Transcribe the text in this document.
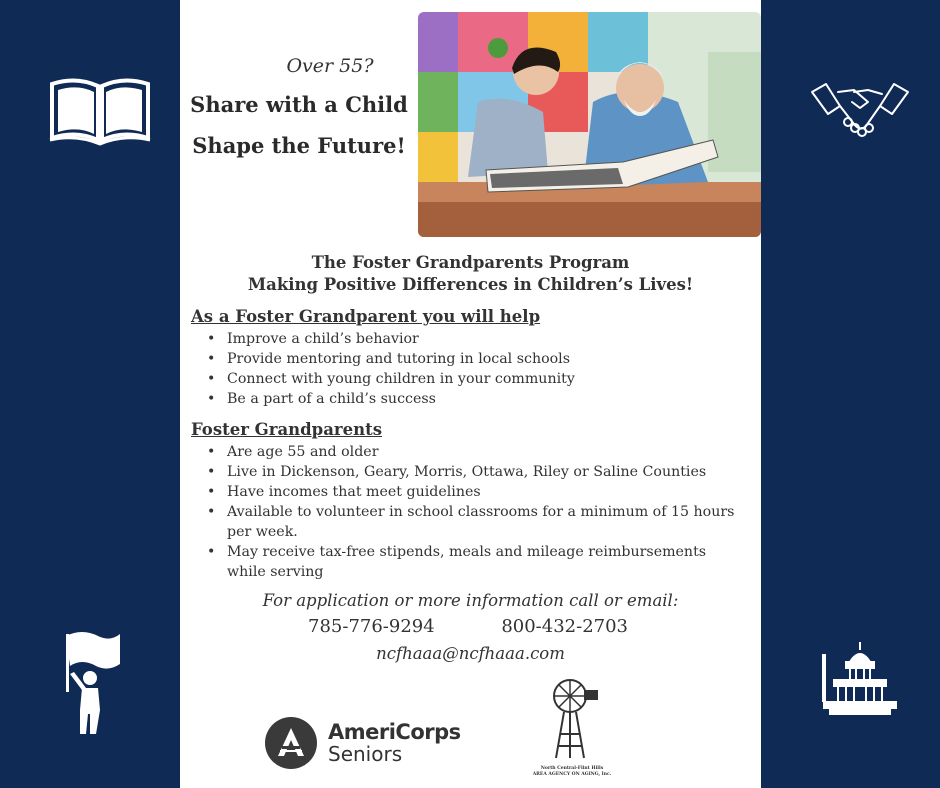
Over 55?
Share with a Child
Shape the Future!
The Foster Grandparents Program
Making Positive Differences in Children’s Lives!
As a Foster Grandparent you will help
• Improve a child’s behavior
• Provide mentoring and tutoring in local schools
• Connect with young children in your community
• Be a part of a child’s success
Foster Grandparents
• Are age 55 and older
• Live in Dickenson, Geary, Morris, Ottawa, Riley or Saline Counties
• Have incomes that meet guidelines
• Available to volunteer in school classrooms for a minimum of 15 hours per week.
• May receive tax-free stipends, meals and mileage reimbursements while serving
For application or more information call or email:
785-776-9294	800-432-2703
ncfhaaa@ncfhaaa.com
AmeriCorps
Seniors
North Central-Flint Hills
AREA AGENCY ON AGING, Inc.
